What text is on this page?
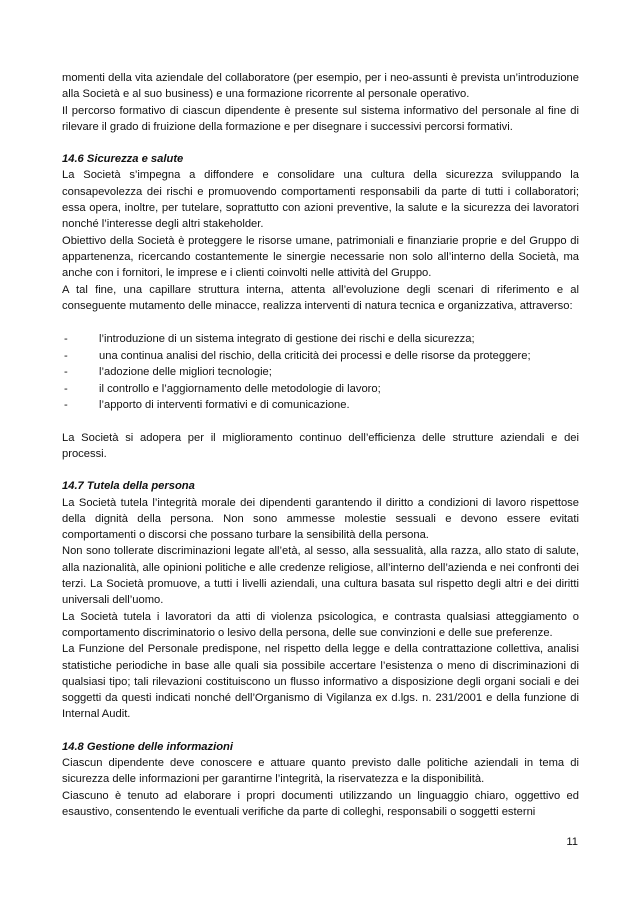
momenti della vita aziendale del collaboratore (per esempio, per i neo-assunti è prevista un’introduzione alla Società e al suo business) e una formazione ricorrente al personale operativo.

Il percorso formativo di ciascun dipendente è presente sul sistema informativo del personale al fine di rilevare il grado di fruizione della formazione e per disegnare i successivi percorsi formativi.

14.6 Sicurezza e salute

La Società s’impegna a diffondere e consolidare una cultura della sicurezza sviluppando la consapevolezza dei rischi e promuovendo comportamenti responsabili da parte di tutti i collaboratori; essa opera, inoltre, per tutelare, soprattutto con azioni preventive, la salute e la sicurezza dei lavoratori nonché l’interesse degli altri stakeholder.

Obiettivo della Società è proteggere le risorse umane, patrimoniali e finanziarie proprie e del Gruppo di appartenenza, ricercando costantemente le sinergie necessarie non solo all’interno della Società, ma anche con i fornitori, le imprese e i clienti coinvolti nelle attività del Gruppo.

A tal fine, una capillare struttura interna, attenta all’evoluzione degli scenari di riferimento e al conseguente mutamento delle minacce, realizza interventi di natura tecnica e organizzativa, attraverso:

-	l’introduzione di un sistema integrato di gestione dei rischi e della sicurezza;
-	una continua analisi del rischio, della criticità dei processi e delle risorse da proteggere;
-	l’adozione delle migliori tecnologie;
-	il controllo e l’aggiornamento delle metodologie di lavoro;
-	l’apporto di interventi formativi e di comunicazione.

La Società si adopera per il miglioramento continuo dell’efficienza delle strutture aziendali e dei processi.

14.7 Tutela della persona

La Società tutela l’integrità morale dei dipendenti garantendo il diritto a condizioni di lavoro rispettose della dignità della persona. Non sono ammesse molestie sessuali e devono essere evitati comportamenti o discorsi che possano turbare la sensibilità della persona.

Non sono tollerate discriminazioni legate all’età, al sesso, alla sessualità, alla razza, allo stato di salute, alla nazionalità, alle opinioni politiche e alle credenze religiose, all’interno dell’azienda e nei confronti dei terzi. La Società promuove, a tutti i livelli aziendali, una cultura basata sul rispetto degli altri e dei diritti universali dell’uomo.

La Società tutela i lavoratori da atti di violenza psicologica, e contrasta qualsiasi atteggiamento o comportamento discriminatorio o lesivo della persona, delle sue convinzioni e delle sue preferenze.

La Funzione del Personale predispone, nel rispetto della legge e della contrattazione collettiva, analisi statistiche periodiche in base alle quali sia possibile accertare l’esistenza o meno di discriminazioni di qualsiasi tipo; tali rilevazioni costituiscono un flusso informativo a disposizione degli organi sociali e dei soggetti da questi indicati nonché dell’Organismo di Vigilanza ex d.lgs. n. 231/2001 e della funzione di Internal Audit.

14.8 Gestione delle informazioni

Ciascun dipendente deve conoscere e attuare quanto previsto dalle politiche aziendali in tema di sicurezza delle informazioni per garantirne l’integrità, la riservatezza e la disponibilità.

Ciascuno è tenuto ad elaborare i propri documenti utilizzando un linguaggio chiaro, oggettivo ed esaustivo, consentendo le eventuali verifiche da parte di colleghi, responsabili o soggetti esterni

11
